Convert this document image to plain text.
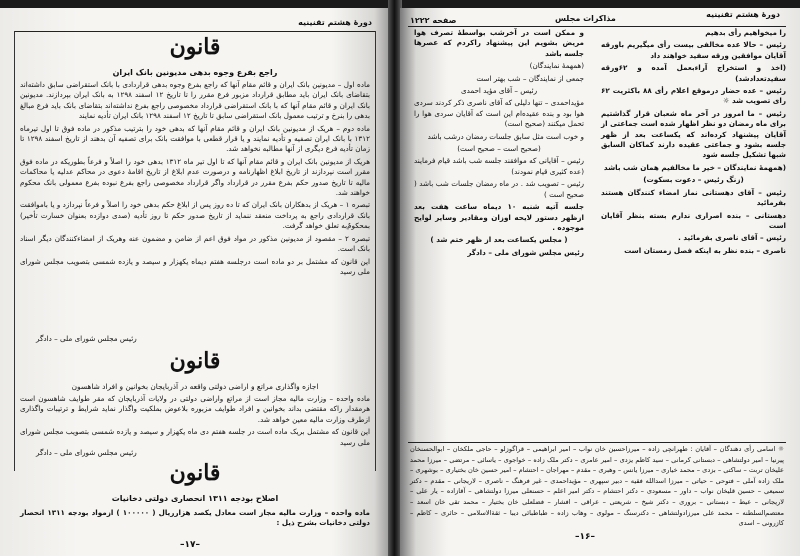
دورهٔ هشتم تقنینیه
قانون
راجع بفرع وجوه بدهی مدیونین بانک ایران

ماده اول – مدیونین بانک ایران و قائم مقام آنها که راجع بفرع وجوه بدهی قراردادی با بانک استقراضی سابق داشته‌اند بتقاضای بانک ایران باید مطابق قرارداد مزبور فرع مقرر را تا تاریخ ۱۲ اسفند ۱۲۹۸ به بانک ایران بپردازند. مدیونین بانک ایران و قائم مقام آنها که با بانک استقراضی قرارداد مخصوصی راجع بفرع نداشته‌اند بتقاضای بانک باید فرع مبالغ بدهی را بنرخ و ترتیب معمول بانک استقراضی سابق تا تاریخ ۱۲ اسفند ۱۲۹۸ بانک ایران تأدیه نمایند

ماده دوم – هریک از مدیونین بانک ایران و قائم مقام آنها که بدهی خود را بترتیب مذکور در ماده فوق تا اول تیرماه ۱۳۱۲ با بانک ایران تصفیه و تأدیه نمایند و یا قرار قطعی با موافقت بانک برای تصفیه آن بدهند از تاریخ اسفند ۱۲۹۸ تا زمان تأدیه فرع دیگری از آنها مطالبه نخواهد شد.

هریک از مدیونین بانک ایران و قائم مقام آنها که تا اول تیر ماه ۱۳۱۲ بدهی خود را اصلاً و فرعاً بطوریکه در ماده فوق مقرر است نپردازند از تاریخ ابلاغ اظهارنامه و درصورت عدم ابلاغ از تاریخ اقامهٔ دعوی در محاکم عدلیه یا محاکمات مالیه تا تاریخ صدور حکم بفرع مقرر در قرارداد واگر قرارداد مخصوصی راجع بفرع نبوده بفرع معمولی بانک محکوم خواهند شد.

تبصره ۱ – هریک از بدهکاران بانک ایران که تا ده روز پس از ابلاغ حکم بدهی خود را اصلاً و فرعاً نپردازد و یا باموافقت بانک قراردادی راجع به پرداخت منعقد ننماید از تاریخ صدور حکم تا روز تأدیه (صدی دوازده بعنوان خسارت تأخیر) بمحکومٌ‌به تعلق خواهد گرفت.

تبصره ۲ – مقصود از مدیونین مذکور در مواد فوق اعم از ضامن و مضمون عنه وهریک از امضاءکنندگان دیگر اسناد بانک است.

این قانون که مشتمل بر دو ماده است درجلسه هفتم دیماه یکهزار و سیصد و یازده شمسی بتصویب مجلس شورای ملی رسید

رئیس مجلس شورای ملی – دادگر
قانون
اجازه واگذاری مراتع و اراضی دولتی واقعه در آذربایجان بخوانین و افراد شاهسون

ماده واحده – وزارت مالیه مجاز است از مراتع واراضی دولتی در ولایات آذربایجان که مقر طوایف شاهسون است هرمقدار راکه مقتضی بداند بخوانین و افراد طوایف مزبوره بلاعوض بملکیت واگذار نماید شرایط و ترتیبات واگذاری ازطرف وزارت مالیه معین خواهد شد.

این قانون که مشتمل بریک ماده است در جلسه هفتم دی ماه یکهزار و سیصد و یازده شمسی بتصویب مجلس شورای ملی رسید

رئیس مجلس شورای ملی – دادگر
قانون
اصلاح بودجه ۱۳۱۱ انحصاری دولتی دخانیات

ماده واحده – وزارت مالیه مجاز است معادل یکصد هزارریال ( ۱۰۰۰۰۰ ) ازمواد بودجه ۱۳۱۱ انحصار دولتی دخانیات بشرح ذیل :

–۱۷–
دورهٔ هشتم تقنینیه
مذاکرات مجلس
صفحه ۱۲۲۲

را میخواهیم رأی بدهیم

رئیس – حالا عده مخالفی بیست رأی میگیریم باورقه آقایان موافقین ورقه سفید خواهند داد

(اخذ و استخراج آراءبعمل آمده و ۶۲ورقه سفید‌تعدادشد)

رئیس – عده حضار درموقع اعلام رأی ۸۸ باکثریت ۶۲ رای تصویب شد ☼

رئیس – ما امروز در آخر ماه شعبان قرار گذاشتیم برای ماه رمضان دو نظر اظهار شده است جماعتی از آقایان پیشنهاد کرده‌اند که یکساعت بعد از ظهر جلسه بشود و جماعتی عقیده دارند کماکان السابق شبها تشکیل جلسه شود

(همهمهٔ نمایندگان – خیر ما مخالفیم همان شب باشد

(زنگ رئیس – دعوت بسکوت)

رئیس – آقای دهستانی نماز امضاء کنندگان هستند بفرمائید

دهستانی – بنده اصراری ندارم بسته بنظر آقایان است

رئیس – آقای ناصری بفرمائید .

ناصری – بنده نظر به اینکه فصل زمستان است

و ممکن است در آخرشب بواسطهٔ تصرف هوا مریض بشویم این پیشنهاد راکردم که عصرها جلسه باشد

(همهمهٔ نمایندگان)

جمعی از نمایندگان – شب بهتر است

رئیس – آقای مؤید احمدی

مؤیداحمدی – تنها دلیلی که آقای ناصری ذکر کردند سردی هوا بود و بنده عقیده‌ام این است که آقایان سردی هوا را تحمل میکنند (صحیح است)

و خوب است مثل سابق جلسات رمضان درشب باشد

(صحیح است – صحیح است)

رئیس – آقایانی که موافقند جلسه شب باشد قیام فرمایند (عده کثیری قیام نمودند)

رئیس – تصویب شد . در ماه رمضان جلسات شب باشد ( صحیح است )

جلسه آتیه شنبه ۱۰ دیماه ساعت هفت بعد ازظهر دستور لایحه اوزان ومقادیر وسایر لوایح موجوده .

( مجلس یکساعت بعد از ظهر ختم شد )

رئیس مجلس شورای ملی – دادگر

☼ اسامی رأی دهندگان – آقایان : طهرانچی زاده – میرزاحسین خان نواب – امیر ابراهیمی – قراگوزلو – حاجی ملکخان – ابوالحسنخان پیرنیا – امیر دولتشاهی – دبستانی کرمانی – سید کاظم یزدی – امیر عامری – دکتر ملک زاده – خواجوی – یاسائی – مرتضی – میرزا محمد علیخان تربت – ساکتی – بزدی – محمد خیاری – میرزا یانس – وهبری – مقدم – مهراجان – احتشام – امیر حسین خان بختیاری – بوشهری – ملک زاده آملی – فتوحی – حیاتی – میرزا اسدالله فقیه – دبیر سپهری – مؤیداحمدی – غیر فرهنگ – ناصری – لاریجانی – مقدم – دکتر سمیعی – حسین قلیخان نواب – داور – مسعودی – دکتر احتشام – دکتر امیر اعلم – حسنعلی میرزا دولتشاهی – آقازاده – یار علی – لاریجانی – عیط – دبستانی – بروری – دکتر شیخ – شریعتی – عراقی – افشار – فضلعلی خان بختیار – محمد تقی خان اسعد – معتصم‌السلطنه – محمد علی میرزادولتشاهی – دکترسنگ – مولوی – وهاب زاده – طباطبائی دیبا – ثقةالاسلامی – حائری – کاظم – کازرونی – اسدی
–۱۶–
